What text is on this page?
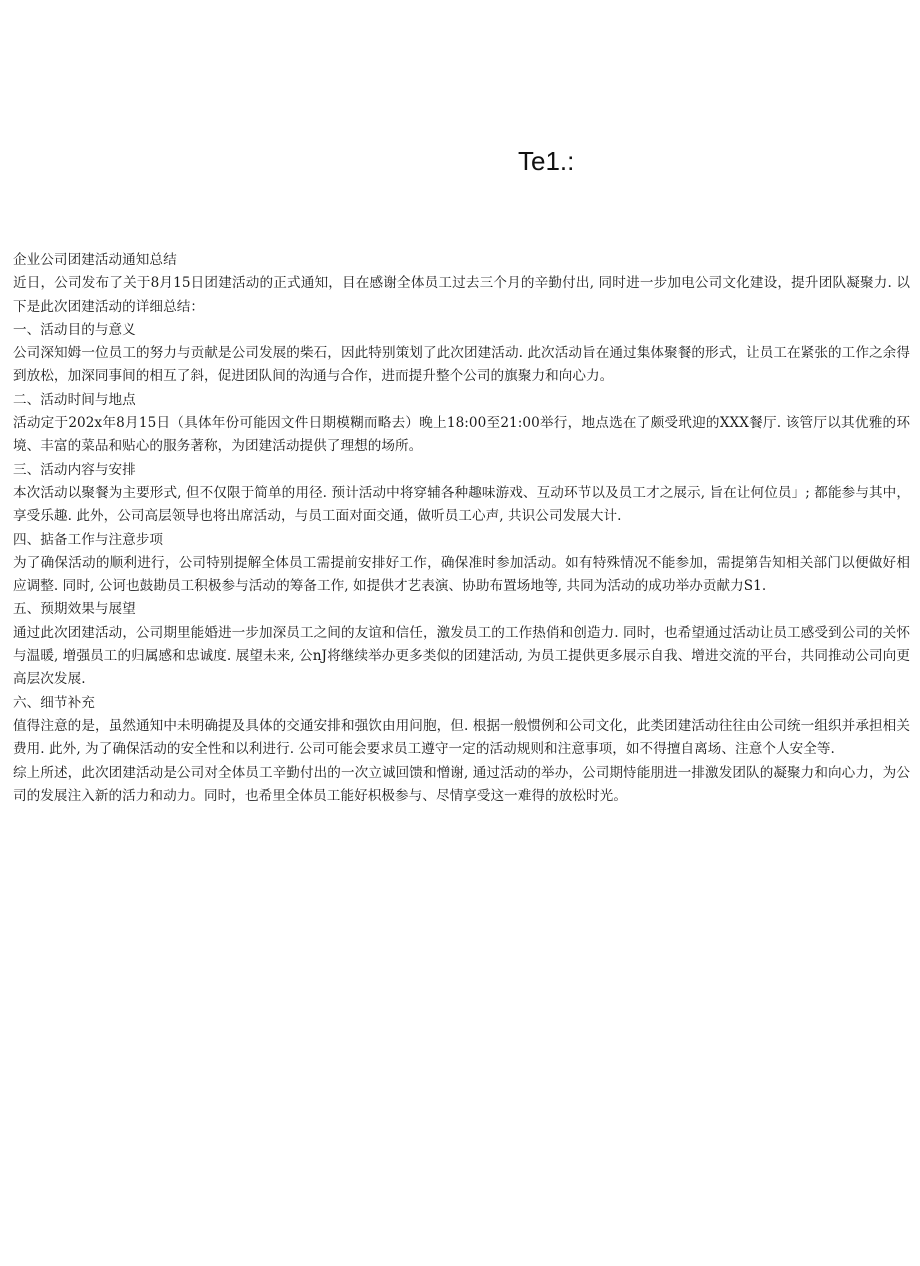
Te1.:

企业公司团建活动通知总结

近日，公司发布了关于8月15日团建活动的正式通知，目在感谢全体员工过去三个月的辛勤付出, 同时进一步加电公司文化建设，提升团队凝聚力. 以下是此次团建活动的详细总结：

一、活动目的与意义

公司深知姆一位员工的努力与贡献是公司发展的柴石，因此特别策划了此次团建活动. 此次活动旨在通过集体聚餐的形式，让员工在紧张的工作之余得到放松，加深同事间的相互了斜，促进团队间的沟通与合作，进而提升整个公司的旗聚力和向心力。

二、活动时间与地点

活动定于202x年8月15日（具体年份可能因文件日期模糊而略去）晚上18:00至21:00举行，地点选在了颇受玳迎的XXX餐厅. 该管厅以其优雅的环境、丰富的菜品和贴心的服务著称，为团建活动提供了理想的场所。

三、活动内容与安排

本次活动以聚餐为主要形式, 但不仅限于简单的用径. 预计活动中将穿辅各种趣味游戏、互动环节以及员工才之展示, 旨在让何位员」; 都能参与其中，享受乐趣. 此外，公司高层领导也将出席活动，与员工面对面交通，做听员工心声, 共识公司发展大计.

四、掂备工作与注意步项

为了确保活动的顺利进行，公司特别提解全体员工需提前安排好工作，确保准时参加活动。如有特殊情况不能参加，需提第告知相关部门以便做好相应调整. 同时, 公诃也鼓勘员工积极参与活动的筹备工作, 如提供才艺表演、协助布置场地等, 共同为活动的成功举办贡献力S1.

五、预期效果与展望

通过此次团建活动，公司期里能婚进一步加深员工之间的友谊和信任，激发员工的工作热俏和创造力. 同时，也希望通过活动让员工感受到公司的关怀与温暖, 增强员工的归属感和忠诚度. 展望未来, 公nJ将继续举办更多类似的团建活动, 为员工提供更多展示自我、增进交流的平台，共同推动公司向更高层次发展.

六、细节补充

值得注意的是，虽然通知中未明确提及具体的交通安排和强饮由用问胞，但. 根据一般惯例和公司文化，此类团建活动往往由公司统一组织并承担相关费用. 此外, 为了确保活动的安全性和以利进行. 公司可能会要求员工遵守一定的活动规则和注意事项，如不得擅自离场、注意个人安全等.

综上所述，此次团建活动是公司对全体员工辛勤付出的一次立诚回馈和憎谢, 通过活动的举办，公司期恃能朋进一排激发团队的凝聚力和向心力，为公司的发展注入新的活力和动力。同时，也希里全体员工能好枳极参与、尽情享受这一难得的放松时光。
